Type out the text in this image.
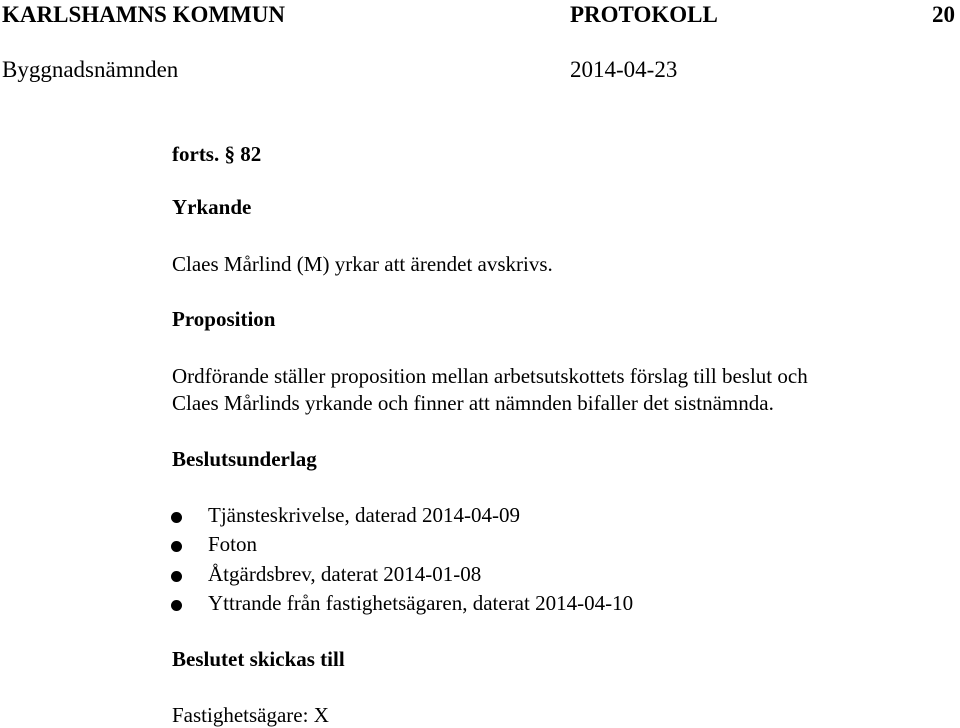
KARLSHAMNS KOMMUN	PROTOKOLL	20
Byggnadsnämnden	2014-04-23
forts. § 82
Yrkande
Claes Mårlind (M) yrkar att ärendet avskrivs.
Proposition
Ordförande ställer proposition mellan arbetsutskottets förslag till beslut och
Claes Mårlinds yrkande och finner att nämnden bifaller det sistnämnda.
Beslutsunderlag
Tjänsteskrivelse, daterad 2014-04-09
Foton
Åtgärdsbrev, daterat 2014-01-08
Yttrande från fastighetsägaren, daterat 2014-04-10
Beslutet skickas till
Fastighetsägare: X
